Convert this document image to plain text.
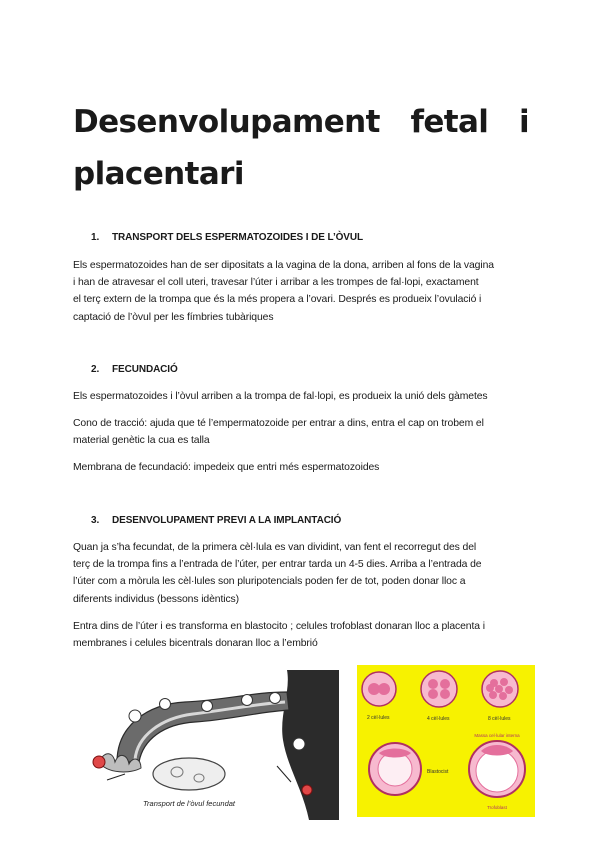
Desenvolupament fetal i
placentari
1. TRANSPORT DELS ESPERMATOZOIDES I DE L’ÒVUL

Els espermatozoides han de ser dipositats a la vagina de la dona, arriben al fons de la vagina
i han de atravesar el coll uteri, travesar l’úter i arribar a les trompes de fal·lopi, exactament
el terç extern de la trompa que és la més propera a l’ovari. Després es produeix l’ovulació i
captació de l’òvul per les fímbries tubàriques

2. FECUNDACIÓ

Els espermatozoides i l’òvul arriben a la trompa de fal·lopi, es produeix la unió dels gàmetes

Cono de tracció: ajuda que té l’empermatozoide per entrar a dins, entra el cap on trobem el
material genètic la cua es talla

Membrana de fecundació: impedeix que entri més espermatozoides

3. DESENVOLUPAMENT PREVI A LA IMPLANTACIÓ

Quan ja s’ha fecundat, de la primera cèl·lula es van dividint, van fent el recorregut des del
terç de la trompa fins a l’entrada de l’úter, per entrar tarda un 4-5 dies. Arriba a l’entrada de
l’úter com a mòrula les cèl·lules son pluripotencials poden fer de tot, poden donar lloc a
diferents individus (bessons idèntics)

Entra dins de l’úter i es transforma en blastocito ; celules trofoblast donaran lloc a placenta i
membranes i celules bicentrals donaran lloc a l’embrió

Transport de l’òvul fecundat
2 cèl·lules	4 cèl·lules	8 cèl·lules
Blastocist
Massa cel·lular interna
Trofoblast
